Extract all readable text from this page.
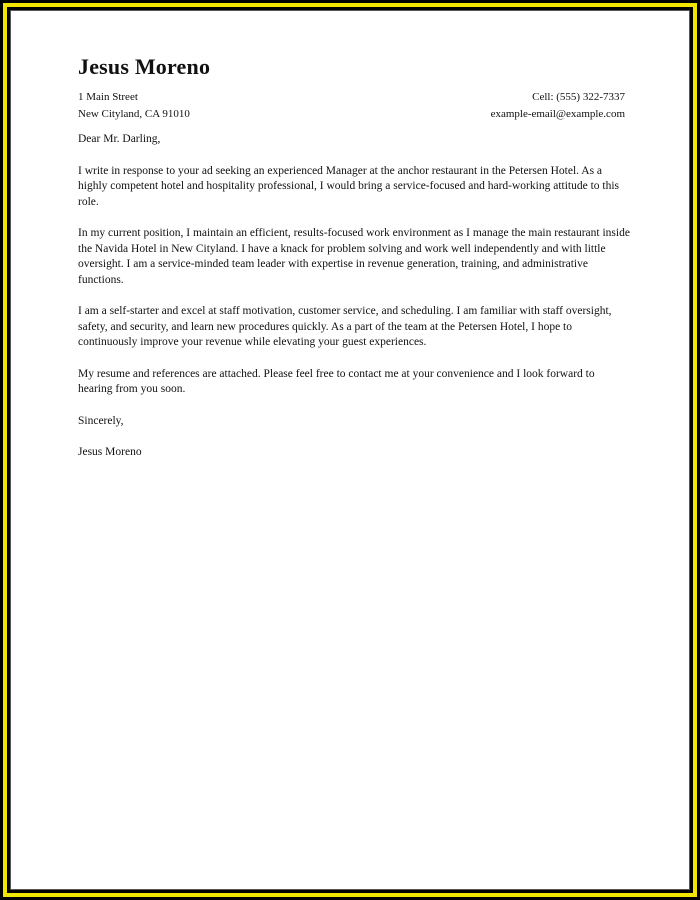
Jesus Moreno
1 Main Street
New Cityland, CA 91010
Cell: (555) 322-7337
example-email@example.com

Dear Mr. Darling,

I write in response to your ad seeking an experienced Manager at the anchor restaurant in the Petersen Hotel. As a highly competent hotel and hospitality professional, I would bring a service-focused and hard-working attitude to this role.

In my current position, I maintain an efficient, results-focused work environment as I manage the main restaurant inside the Navida Hotel in New Cityland. I have a knack for problem solving and work well independently and with little oversight. I am a service-minded team leader with expertise in revenue generation, training, and administrative functions.

I am a self-starter and excel at staff motivation, customer service, and scheduling. I am familiar with staff oversight, safety, and security, and learn new procedures quickly. As a part of the team at the Petersen Hotel, I hope to continuously improve your revenue while elevating your guest experiences.

My resume and references are attached. Please feel free to contact me at your convenience and I look forward to hearing from you soon.

Sincerely,

Jesus Moreno
